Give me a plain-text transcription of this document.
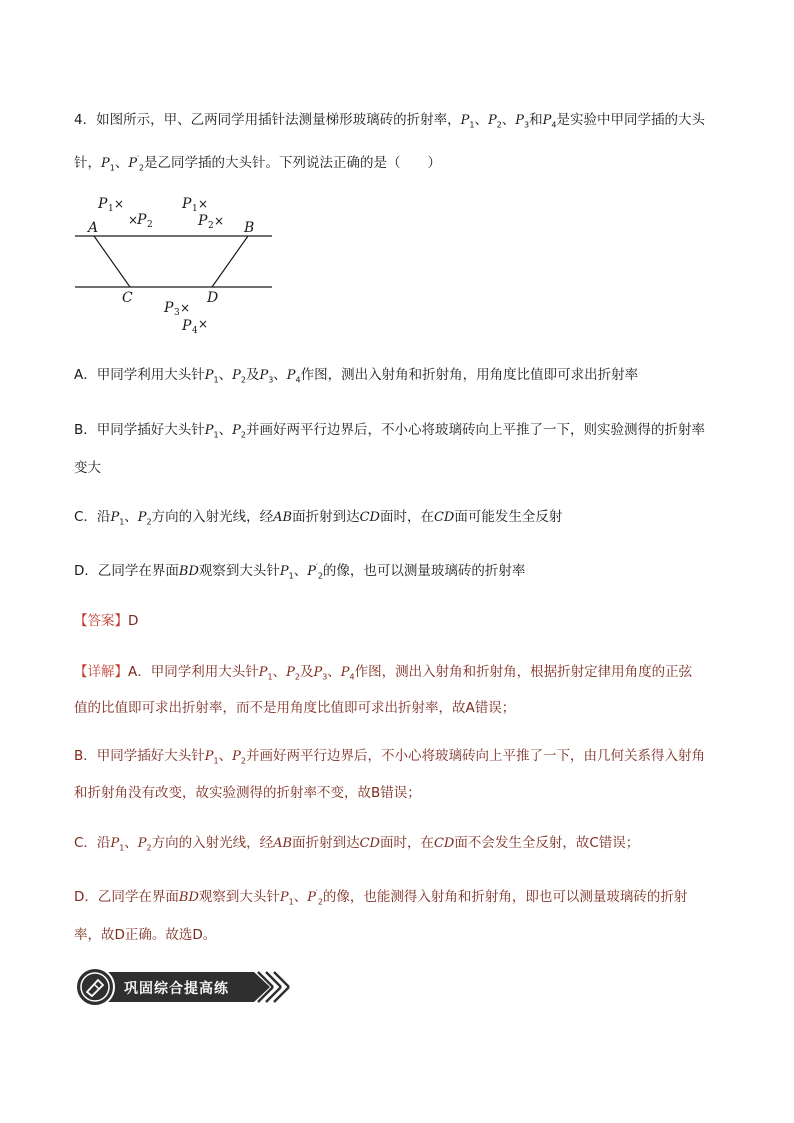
4．如图所示，甲、乙两同学用插针法测量梯形玻璃砖的折射率，$P_1$、$P_2$、$P_3$和$P_4$是实验中甲同学插的大头
针，$P_1$、$P'_2$是乙同学插的大头针。下列说法正确的是（　　）
A	B
C	D
P 1 ×
×
P 2
P 1 ×
P 2 ×
P 3 ×
P 4 ×
A．甲同学利用大头针$P_1$、$P_2$及$P_3$、$P_4$作图，测出入射角和折射角，用角度比值即可求出折射率
B．甲同学插好大头针$P_1$、$P_2$并画好两平行边界后，不小心将玻璃砖向上平推了一下，则实验测得的折射率
变大
C．沿$P_1$、$P_2$方向的入射光线，经AB面折射到达CD面时，在CD面可能发生全反射
D．乙同学在界面BD观察到大头针$P_1$、$P'_2$的像，也可以测量玻璃砖的折射率
【答案】D
【详解】A．甲同学利用大头针$P_1$、$P_2$及$P_3$、$P_4$作图，测出入射角和折射角，根据折射定律用角度的正弦
值的比值即可求出折射率，而不是用角度比值即可求出折射率，故A错误；
B．甲同学插好大头针$P_1$、$P_2$并画好两平行边界后，不小心将玻璃砖向上平推了一下，由几何关系得入射角
和折射角没有改变，故实验测得的折射率不变，故B错误；
C．沿$P_1$、$P_2$方向的入射光线，经AB面折射到达CD面时，在CD面不会发生全反射，故C错误；
D．乙同学在界面BD观察到大头针$P_1$、$P'_2$的像，也能测得入射角和折射角，即也可以测量玻璃砖的折射
率，故D正确。故选D。
巩固综合提高练
